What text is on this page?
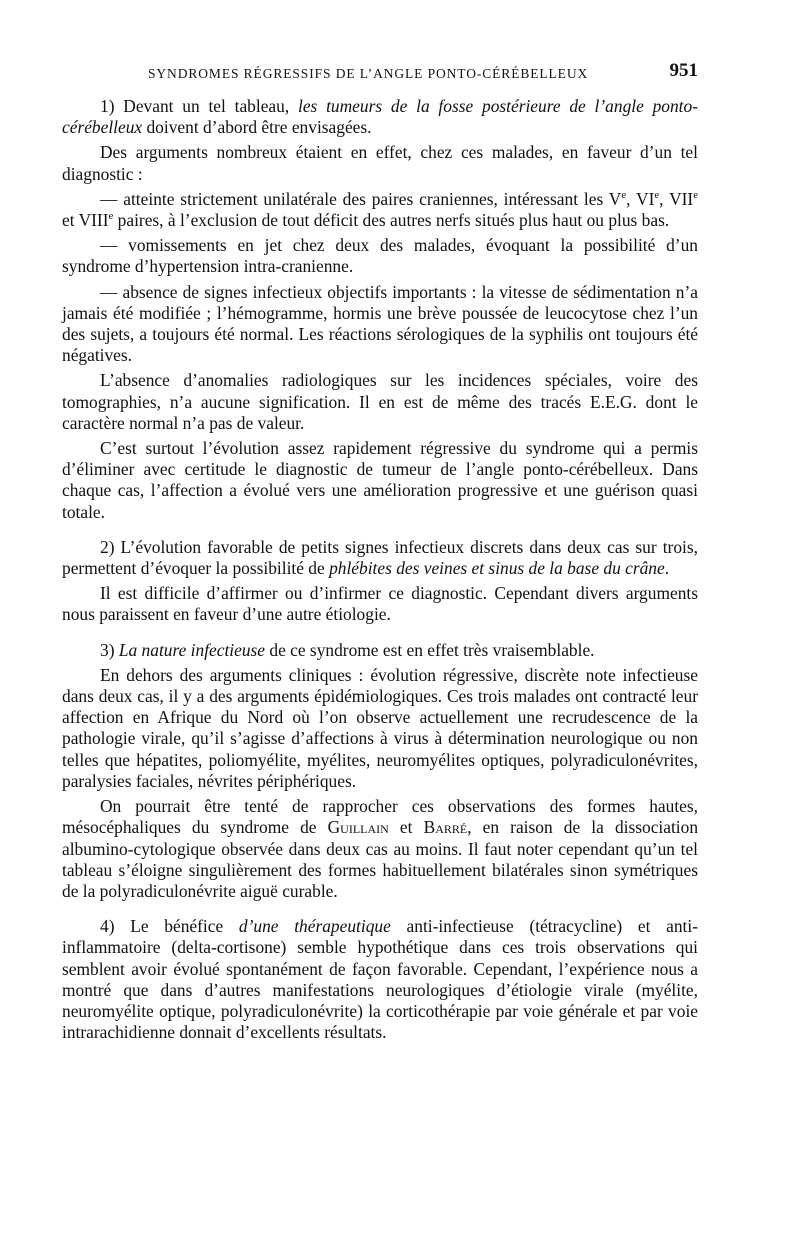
SYNDROMES RÉGRESSIFS DE L’ANGLE PONTO-CÉRÉBELLEUX	951

1) Devant un tel tableau, les tumeurs de la fosse postérieure de l’angle ponto-cérébelleux doivent d’abord être envisagées.

Des arguments nombreux étaient en effet, chez ces malades, en faveur d’un tel diagnostic :

— atteinte strictement unilatérale des paires craniennes, intéressant les Ve, VIe, VIIe et VIIIe paires, à l’exclusion de tout déficit des autres nerfs situés plus haut ou plus bas.

— vomissements en jet chez deux des malades, évoquant la possibilité d’un syndrome d’hypertension intra-cranienne.

— absence de signes infectieux objectifs importants : la vitesse de sédimentation n’a jamais été modifiée ; l’hémogramme, hormis une brève poussée de leucocytose chez l’un des sujets, a toujours été normal. Les réactions sérologiques de la syphilis ont toujours été négatives.

L’absence d’anomalies radiologiques sur les incidences spéciales, voire des tomographies, n’a aucune signification. Il en est de même des tracés E.E.G. dont le caractère normal n’a pas de valeur.

C’est surtout l’évolution assez rapidement régressive du syndrome qui a permis d’éliminer avec certitude le diagnostic de tumeur de l’angle ponto-cérébelleux. Dans chaque cas, l’affection a évolué vers une amélioration progressive et une guérison quasi totale.

2) L’évolution favorable de petits signes infectieux discrets dans deux cas sur trois, permettent d’évoquer la possibilité de phlébites des veines et sinus de la base du crâne.

Il est difficile d’affirmer ou d’infirmer ce diagnostic. Cependant divers arguments nous paraissent en faveur d’une autre étiologie.

3) La nature infectieuse de ce syndrome est en effet très vraisemblable.

En dehors des arguments cliniques : évolution régressive, discrète note infectieuse dans deux cas, il y a des arguments épidémiologiques. Ces trois malades ont contracté leur affection en Afrique du Nord où l’on observe actuellement une recrudescence de la pathologie virale, qu’il s’agisse d’affections à virus à détermination neurologique ou non telles que hépatites, poliomyélite, myélites, neuromyélites optiques, polyradiculonévrites, paralysies faciales, névrites périphériques.

On pourrait être tenté de rapprocher ces observations des formes hautes, mésocéphaliques du syndrome de Guillain et Barré, en raison de la dissociation albumino-cytologique observée dans deux cas au moins. Il faut noter cependant qu’un tel tableau s’éloigne singulièrement des formes habituellement bilatérales sinon symétriques de la polyradiculonévrite aiguë curable.

4) Le bénéfice d’une thérapeutique anti-infectieuse (tétracycline) et anti-inflammatoire (delta-cortisone) semble hypothétique dans ces trois observations qui semblent avoir évolué spontanément de façon favorable. Cependant, l’expérience nous a montré que dans d’autres manifestations neurologiques d’étiologie virale (myélite, neuromyélite optique, polyradiculonévrite) la corticothérapie par voie générale et par voie intrarachidienne donnait d’excellents résultats.
